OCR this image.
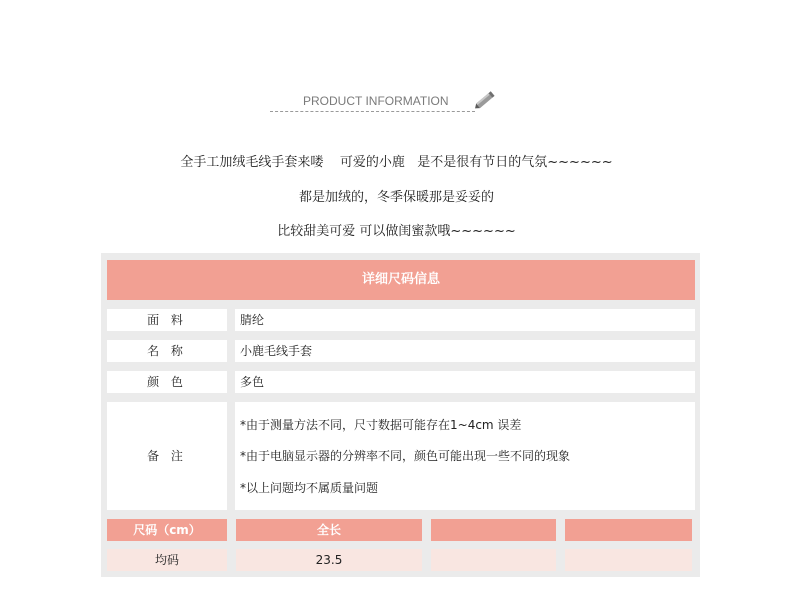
PRODUCT INFORMATION
全手工加绒毛线手套来喽    可爱的小鹿   是不是很有节日的气氛~~~~~~
都是加绒的，冬季保暖那是妥妥的
比较甜美可爱 可以做闺蜜款哦~~~~~~
详细尺码信息
面 料	腈纶
名 称	小鹿毛线手套
颜 色	多色
备 注
*由于测量方法不同，尺寸数据可能存在1~4cm 误差
*由于电脑显示器的分辨率不同，颜色可能出现一些不同的现象
*以上问题均不属质量问题
尺码（cm）	全长
均码	23.5
